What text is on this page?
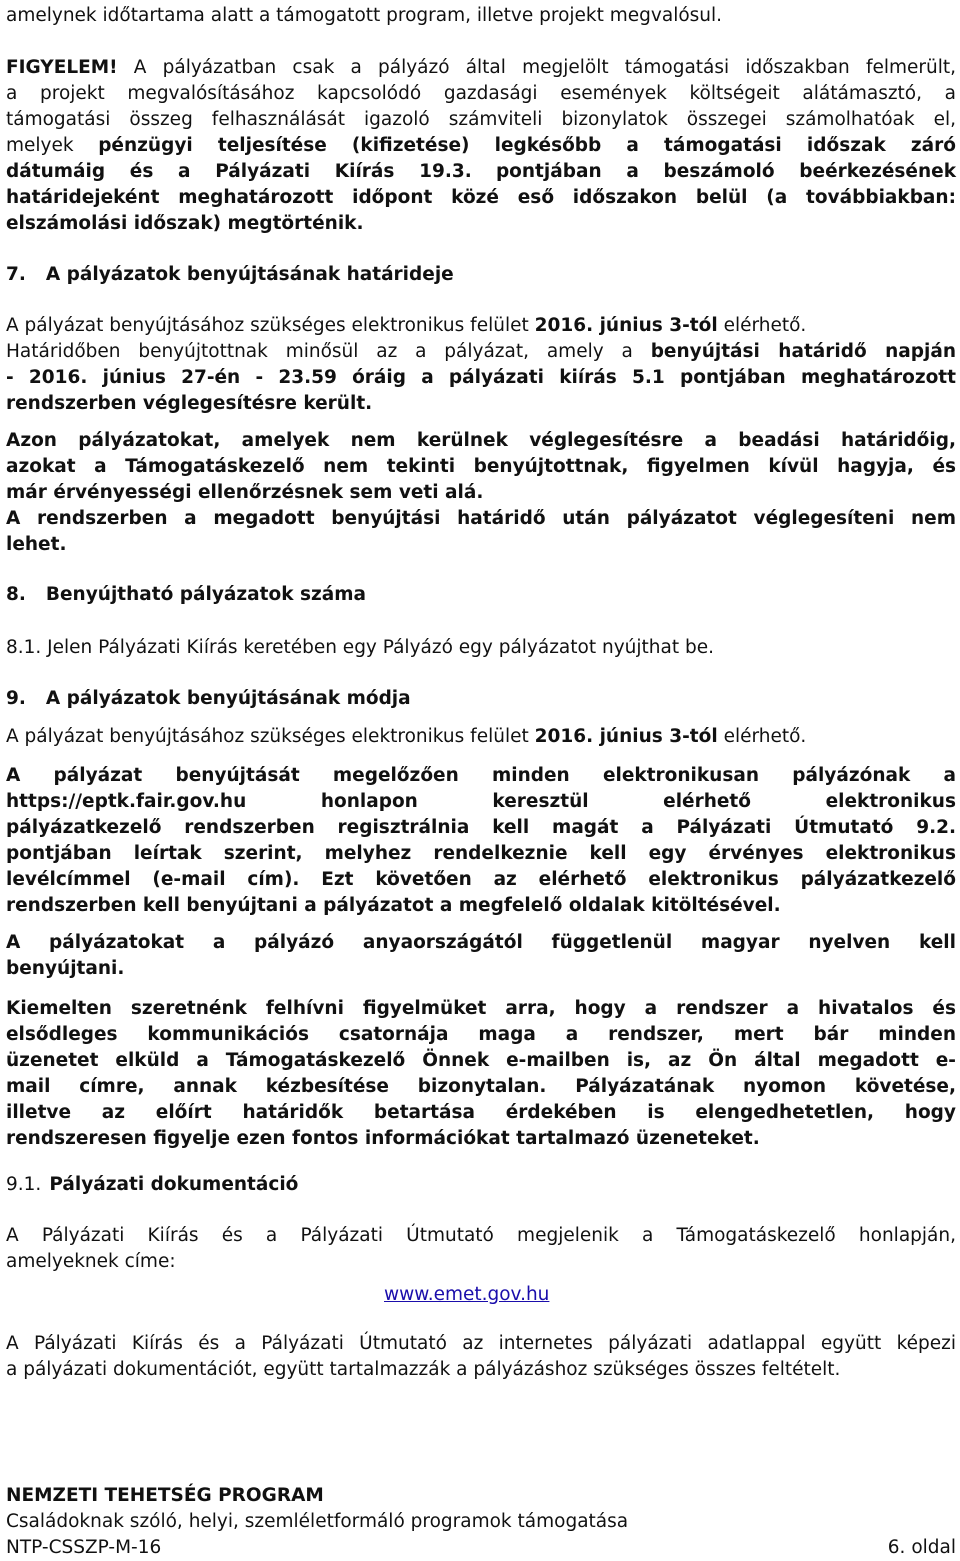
amelynek időtartama alatt a támogatott program, illetve projekt megvalósul.
FIGYELEM! A pályázatban csak a pályázó által megjelölt támogatási időszakban felmerült,
a projekt megvalósításához kapcsolódó gazdasági események költségeit alátámasztó, a
támogatási összeg felhasználását igazoló számviteli bizonylatok összegei számolhatóak el,
melyek pénzügyi teljesítése (kifizetése) legkésőbb a támogatási időszak záró
dátumáig és a Pályázati Kiírás 19.3. pontjában a beszámoló beérkezésének
határidejeként meghatározott időpont közé eső időszakon belül (a továbbiakban:
elszámolási időszak) megtörténik.
7. A pályázatok benyújtásának határideje
A pályázat benyújtásához szükséges elektronikus felület 2016. június 3-tól elérhető.
Határidőben benyújtottnak minősül az a pályázat, amely a benyújtási határidő napján
- 2016. június 27-én - 23.59 óráig a pályázati kiírás 5.1 pontjában meghatározott
rendszerben véglegesítésre került.
Azon pályázatokat, amelyek nem kerülnek véglegesítésre a beadási határidőig,
azokat a Támogatáskezelő nem tekinti benyújtottnak, figyelmen kívül hagyja, és
már érvényességi ellenőrzésnek sem veti alá.
A rendszerben a megadott benyújtási határidő után pályázatot véglegesíteni nem
lehet.
8. Benyújtható pályázatok száma
8.1. Jelen Pályázati Kiírás keretében egy Pályázó egy pályázatot nyújthat be.
9. A pályázatok benyújtásának módja
A pályázat benyújtásához szükséges elektronikus felület 2016. június 3-tól elérhető.
A pályázat benyújtását megelőzően minden elektronikusan pályázónak a
https://eptk.fair.gov.hu honlapon keresztül elérhető elektronikus
pályázatkezelő rendszerben regisztrálnia kell magát a Pályázati Útmutató 9.2.
pontjában leírtak szerint, melyhez rendelkeznie kell egy érvényes elektronikus
levélcímmel (e-mail cím). Ezt követően az elérhető elektronikus pályázatkezelő
rendszerben kell benyújtani a pályázatot a megfelelő oldalak kitöltésével.
A pályázatokat a pályázó anyaországától függetlenül magyar nyelven kell
benyújtani.
Kiemelten szeretnénk felhívni figyelmüket arra, hogy a rendszer a hivatalos és
elsődleges kommunikációs csatornája maga a rendszer, mert bár minden
üzenetet elküld a Támogatáskezelő Önnek e-mailben is, az Ön által megadott e-
mail címre, annak kézbesítése bizonytalan. Pályázatának nyomon követése,
illetve az előírt határidők betartása érdekében is elengedhetetlen, hogy
rendszeresen figyelje ezen fontos információkat tartalmazó üzeneteket.
9.1. Pályázati dokumentáció
A Pályázati Kiírás és a Pályázati Útmutató megjelenik a Támogatáskezelő honlapján,
amelyeknek címe:
www.emet.gov.hu
A Pályázati Kiírás és a Pályázati Útmutató az internetes pályázati adatlappal együtt képezi
a pályázati dokumentációt, együtt tartalmazzák a pályázáshoz szükséges összes feltételt.
NEMZETI TEHETSÉG PROGRAM
Családoknak szóló, helyi, szemléletformáló programok támogatása
NTP-CSSZP-M-16	6. oldal
